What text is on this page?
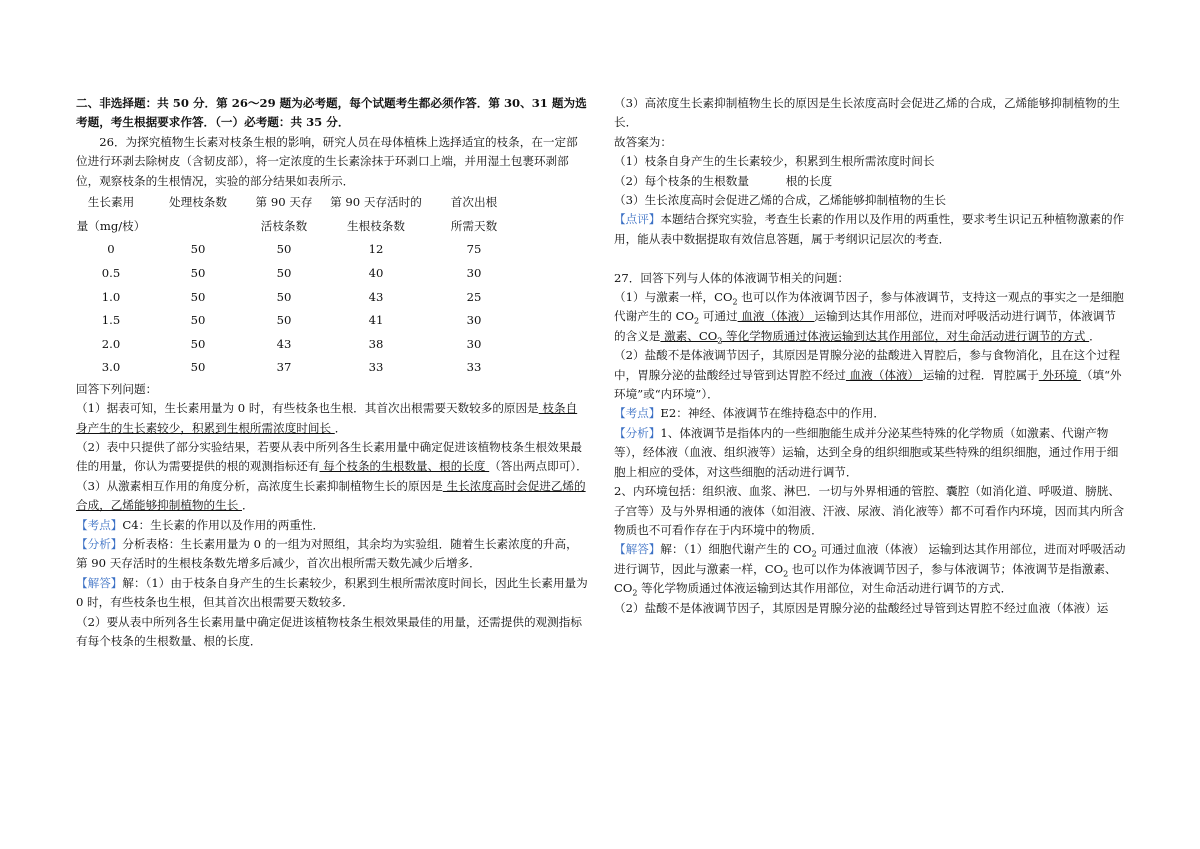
二、非选择题：共 50 分．第 26～29 题为必考题，每个试题考生都必须作答．第 30、31 题为选考题，考生根据要求作答．（一）必考题：共 35 分．

26．为探究植物生长素对枝条生根的影响，研究人员在母体植株上选择适宜的枝条，在一定部位进行环剥去除树皮（含韧皮部），将一定浓度的生长素涂抹于环剥口上端，并用湿土包裹环剥部位，观察枝条的生根情况，实验的部分结果如表所示．

生长素用	处理枝条数	第 90 天存	第 90 天存活时的	首次出根
量（mg/枝）		活枝条数	生根枝条数	所需天数
0	50	50	12	75
0.5	50	50	40	30
1.0	50	50	43	25
1.5	50	50	41	30
2.0	50	43	38	30
3.0	50	37	33	33

回答下列问题：

（1）据表可知，生长素用量为 0 时，有些枝条也生根．其首次出根需要天数较多的原因是 枝条自身产生的生长素较少，积累到生根所需浓度时间长 ．

（2）表中只提供了部分实验结果，若要从表中所列各生长素用量中确定促进该植物枝条生根效果最佳的用量，你认为需要提供的根的观测指标还有 每个枝条的生根数量、根的长度 （答出两点即可）．

（3）从激素相互作用的角度分析，高浓度生长素抑制植物生长的原因是 生长浓度高时会促进乙烯的合成，乙烯能够抑制植物的生长 ．

【考点】C4：生长素的作用以及作用的两重性．

【分析】分析表格：生长素用量为 0 的一组为对照组，其余均为实验组．随着生长素浓度的升高，第 90 天存活时的生根枝条数先增多后减少，首次出根所需天数先减少后增多．

【解答】解：（1）由于枝条自身产生的生长素较少，积累到生根所需浓度时间长，因此生长素用量为 0 时，有些枝条也生根，但其首次出根需要天数较多．

（2）要从表中所列各生长素用量中确定促进该植物枝条生根效果最佳的用量，还需提供的观测指标有每个枝条的生根数量、根的长度．

（3）高浓度生长素抑制植物生长的原因是生长浓度高时会促进乙烯的合成，乙烯能够抑制植物的生长．

故答案为：

（1）枝条自身产生的生长素较少，积累到生根所需浓度时间长

（2）每个枝条的生根数量          根的长度

（3）生长浓度高时会促进乙烯的合成，乙烯能够抑制植物的生长

【点评】本题结合探究实验，考查生长素的作用以及作用的两重性，要求考生识记五种植物激素的作用，能从表中数据提取有效信息答题，属于考纲识记层次的考查．

27．回答下列与人体的体液调节相关的问题：

（1）与激素一样，$CO_2$ 也可以作为体液调节因子，参与体液调节，支持这一观点的事实之一是细胞代谢产生的 $CO_2$ 可通过 血液（体液） 运输到达其作用部位，进而对呼吸活动进行调节，体液调节的含义是 激素、$CO_2$ 等化学物质通过体液运输到达其作用部位，对生命活动进行调节的方式 ．

（2）盐酸不是体液调节因子，其原因是胃腺分泌的盐酸进入胃腔后，参与食物消化，且在这个过程中，胃腺分泌的盐酸经过导管到达胃腔不经过 血液（体液） 运输的过程．胃腔属于 外环境 （填“外环境”或“内环境”）．

【考点】E2：神经、体液调节在维持稳态中的作用．

【分析】1、体液调节是指体内的一些细胞能生成并分泌某些特殊的化学物质（如激素、代谢产物等），经体液（血液、组织液等）运输，达到全身的组织细胞或某些特殊的组织细胞，通过作用于细胞上相应的受体，对这些细胞的活动进行调节．

2、内环境包括：组织液、血浆、淋巴．一切与外界相通的管腔、囊腔（如消化道、呼吸道、膀胱、子宫等）及与外界相通的液体（如泪液、汗液、尿液、消化液等）都不可看作内环境，因而其内所含物质也不可看作存在于内环境中的物质．

【解答】解：（1）细胞代谢产生的 $CO_2$ 可通过血液（体液） 运输到达其作用部位，进而对呼吸活动进行调节，因此与激素一样，$CO_2$ 也可以作为体液调节因子，参与体液调节；体液调节是指激素、$CO_2$ 等化学物质通过体液运输到达其作用部位，对生命活动进行调节的方式．

（2）盐酸不是体液调节因子，其原因是胃腺分泌的盐酸经过导管到达胃腔不经过血液（体液）运
